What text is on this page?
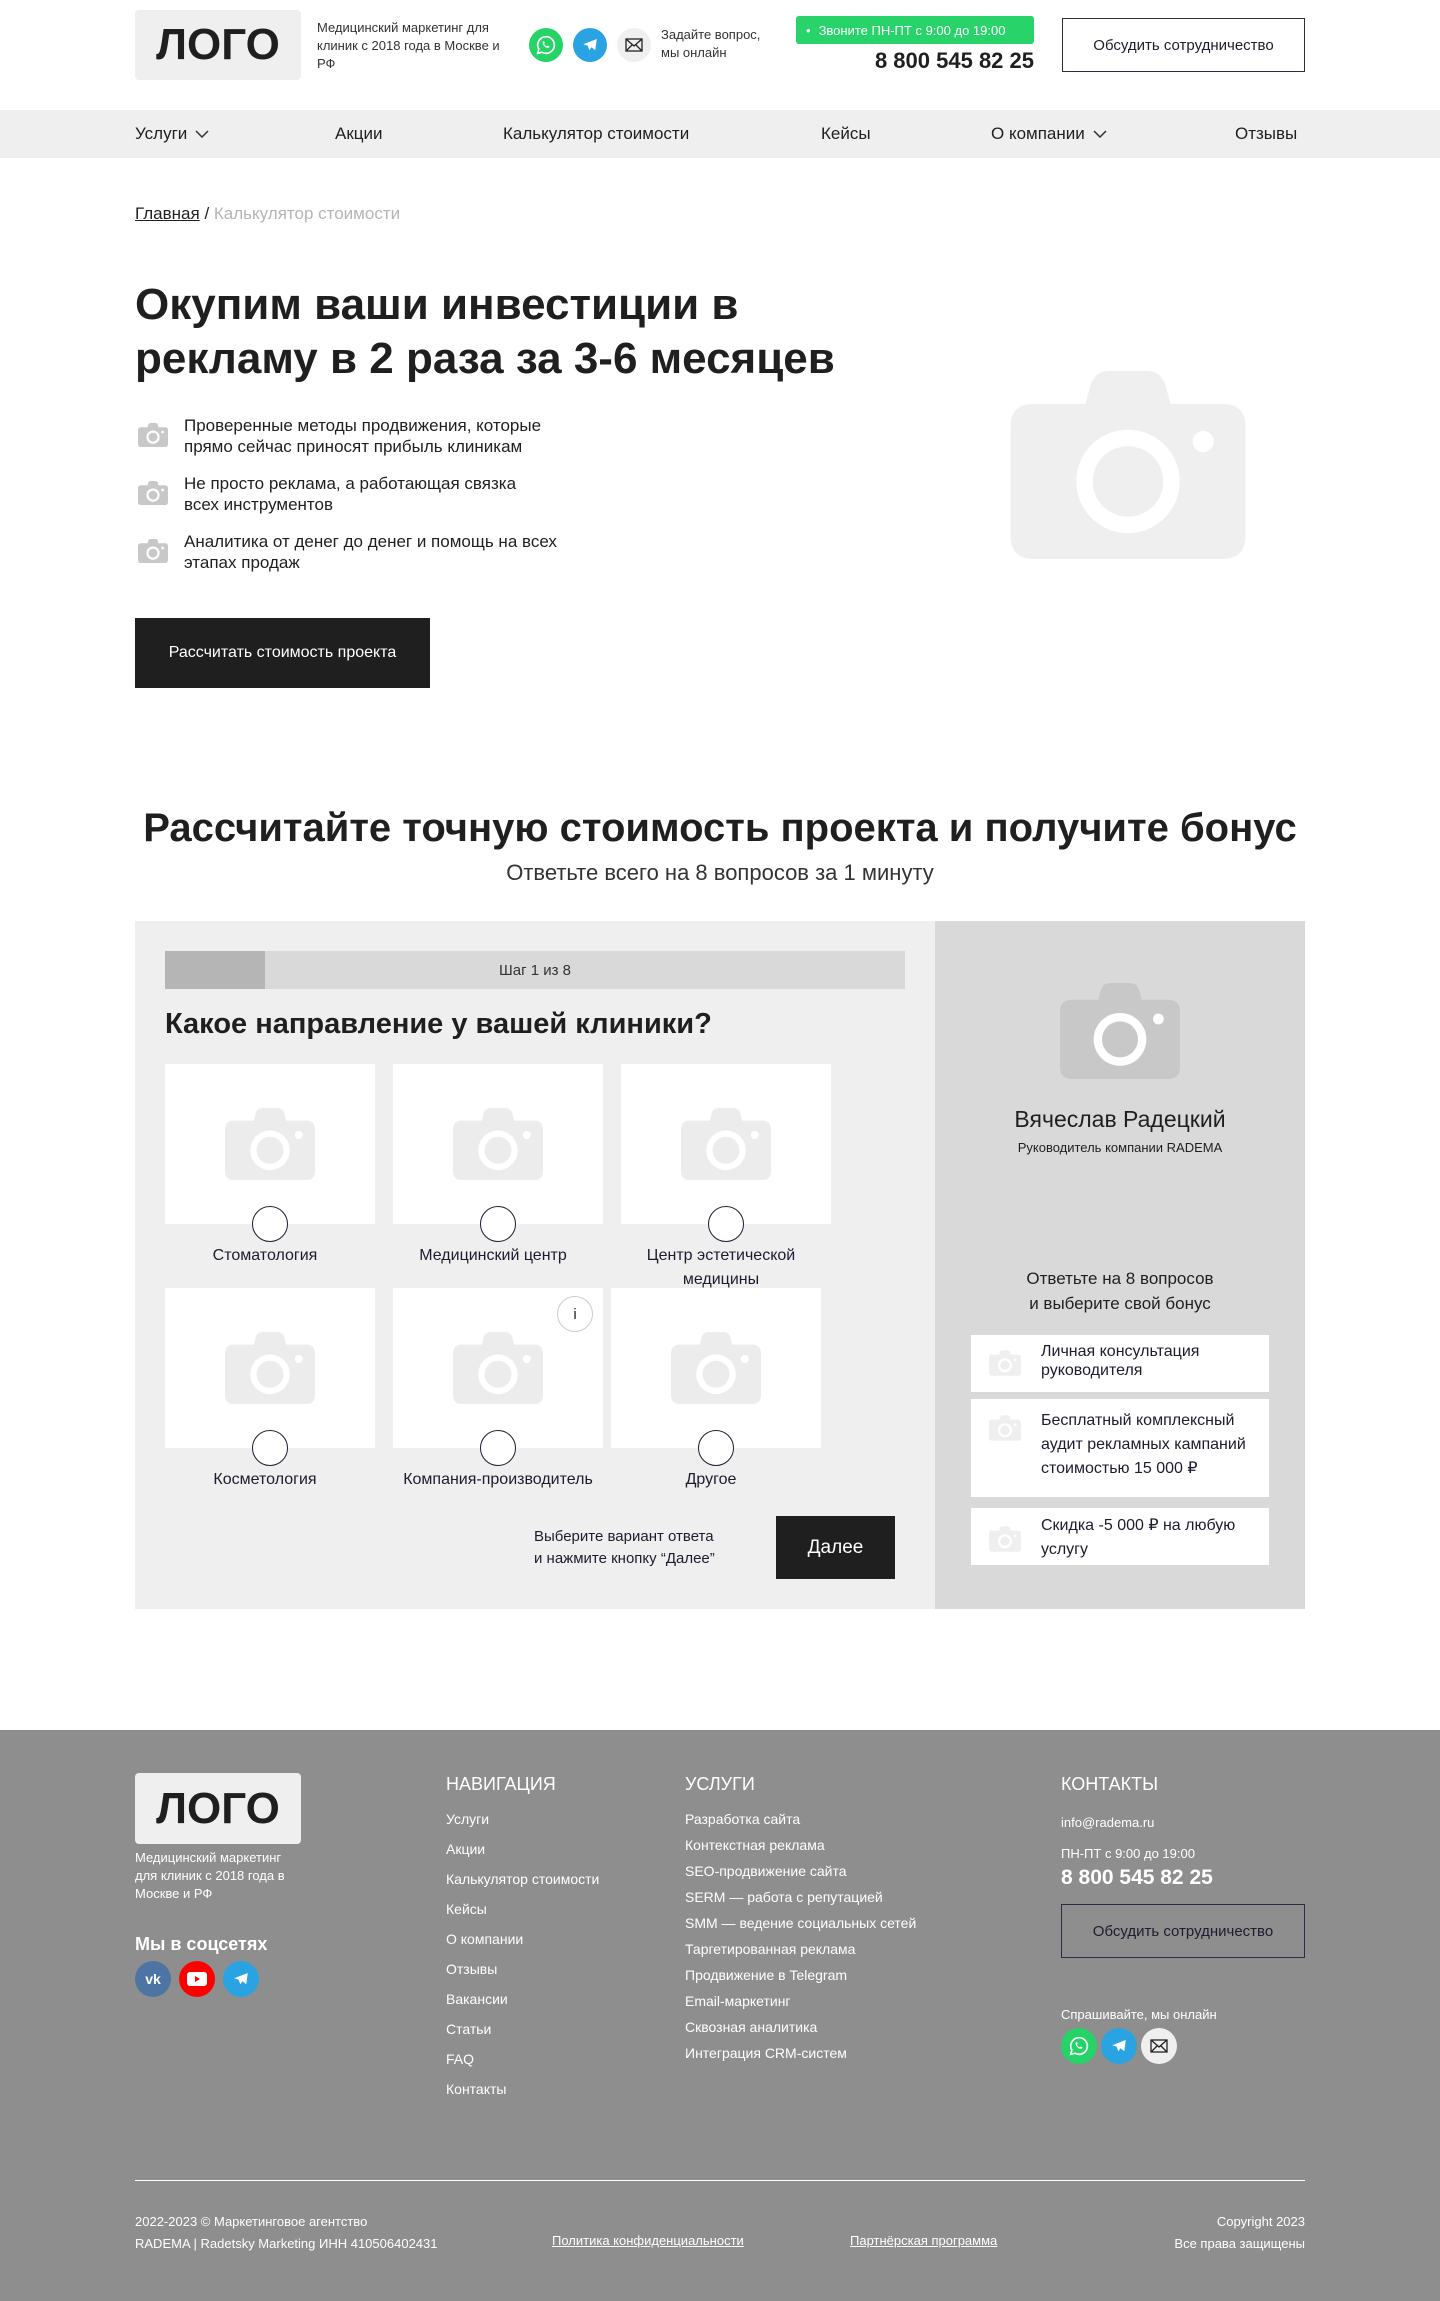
ЛОГО	Медицинский маркетинг для клиник с 2018 года в Москве и РФ
Задайте вопрос,
мы онлайн
• Звоните ПН-ПТ с 9:00 до 19:00
8 800 545 82 25
Обсудить сотрудничество
Услуги	Акции	Калькулятор стоимости	Кейсы	О компании	Отзывы
Главная / Калькулятор стоимости
Окупим ваши инвестиции в
рекламу в 2 раза за 3-6 месяцев
Проверенные методы продвижения, которые
прямо сейчас приносят прибыль клиникам
Не просто реклама, а работающая связка
всех инструментов
Аналитика от денег до денег и помощь на всех
этапах продаж
Рассчитать стоимость проекта
Рассчитайте точную стоимость проекта и получите бонус
Ответьте всего на 8 вопросов за 1 минуту
Шаг 1 из 8
Какое направление у вашей клиники?
Стоматология	Медицинский центр	Центр эстетической медицины
Косметология
i
Компания-производитель	Другое
Выберите вариант ответа
и нажмите кнопку “Далее”
Далее
Вячеслав Радецкий
Руководитель компании RADEMA
Ответьте на 8 вопросов
и выберите свой бонус
Личная консультация
руководителя
Бесплатный комплексный
аудит рекламных кампаний
стоимостью 15 000 ₽
Скидка -5 000 ₽ на любую
услугу
ЛОГО
Медицинский маркетинг
для клиник с 2018 года в
Москве и РФ
Мы в соцсетях
vk
НАВИГАЦИЯ
Услуги
Акции
Калькулятор стоимости
Кейсы
О компании
Отзывы
Вакансии
Статьи
FAQ
Контакты
УСЛУГИ
Разработка сайта
Контекстная реклама
SEO-продвижение сайта
SERM — работа с репутацией
SMM — ведение социальных сетей
Таргетированная реклама
Продвижение в Telegram
Email-маркетинг
Сквозная аналитика
Интеграция CRM-систем
КОНТАКТЫ
info@radema.ru
ПН-ПТ с 9:00 до 19:00
8 800 545 82 25
Обсудить сотрудничество
Спрашивайте, мы онлайн
2022-2023 © Маркетинговое агентство
RADEMA | Radetsky Marketing ИНН 410506402431	Политика конфиденциальности	Партнёрская программа
Copyright 2023
Все права защищены
